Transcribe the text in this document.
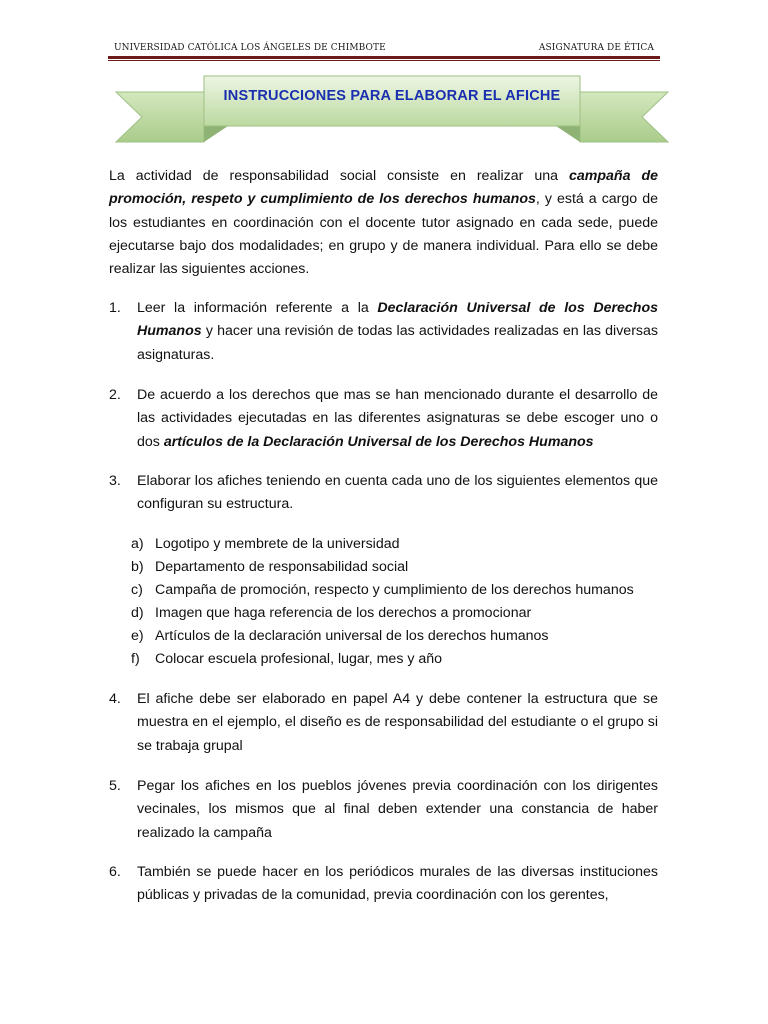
UNIVERSIDAD CATÓLICA LOS ÁNGELES DE CHIMBOTE	ASIGNATURA DE ÉTICA
INSTRUCCIONES PARA ELABORAR EL AFICHE
La actividad de responsabilidad social consiste en realizar una campaña de promoción, respeto y cumplimiento de los derechos humanos, y está a cargo de los estudiantes en coordinación con el docente tutor asignado en cada sede, puede ejecutarse bajo dos modalidades; en grupo y de manera individual. Para ello se debe realizar las siguientes acciones.
1.	Leer la información referente a la Declaración Universal de los Derechos Humanos y hacer una revisión de todas las actividades realizadas en las diversas asignaturas.
2.	De acuerdo a los derechos que mas se han mencionado durante el desarrollo de las actividades ejecutadas en las diferentes asignaturas se debe escoger uno o dos artículos de la Declaración Universal de los Derechos Humanos
3.	Elaborar los afiches teniendo en cuenta cada uno de los siguientes elementos que configuran su estructura.
a) Logotipo y membrete de la universidad
b) Departamento de responsabilidad social
c) Campaña de promoción, respecto y cumplimiento de los derechos humanos
d) Imagen que haga referencia de los derechos a promocionar
e) Artículos de la declaración universal de los derechos humanos
f) Colocar escuela profesional, lugar, mes y año
4.	El afiche debe ser elaborado en papel A4 y debe contener la estructura que se muestra en el ejemplo, el diseño es de responsabilidad del estudiante o el grupo si se trabaja grupal
5.	Pegar los afiches en los pueblos jóvenes previa coordinación con los dirigentes vecinales, los mismos que al final deben extender una constancia de haber realizado la campaña
6.	También se puede hacer en los periódicos murales de las diversas instituciones públicas y privadas de la comunidad, previa coordinación con los gerentes,
